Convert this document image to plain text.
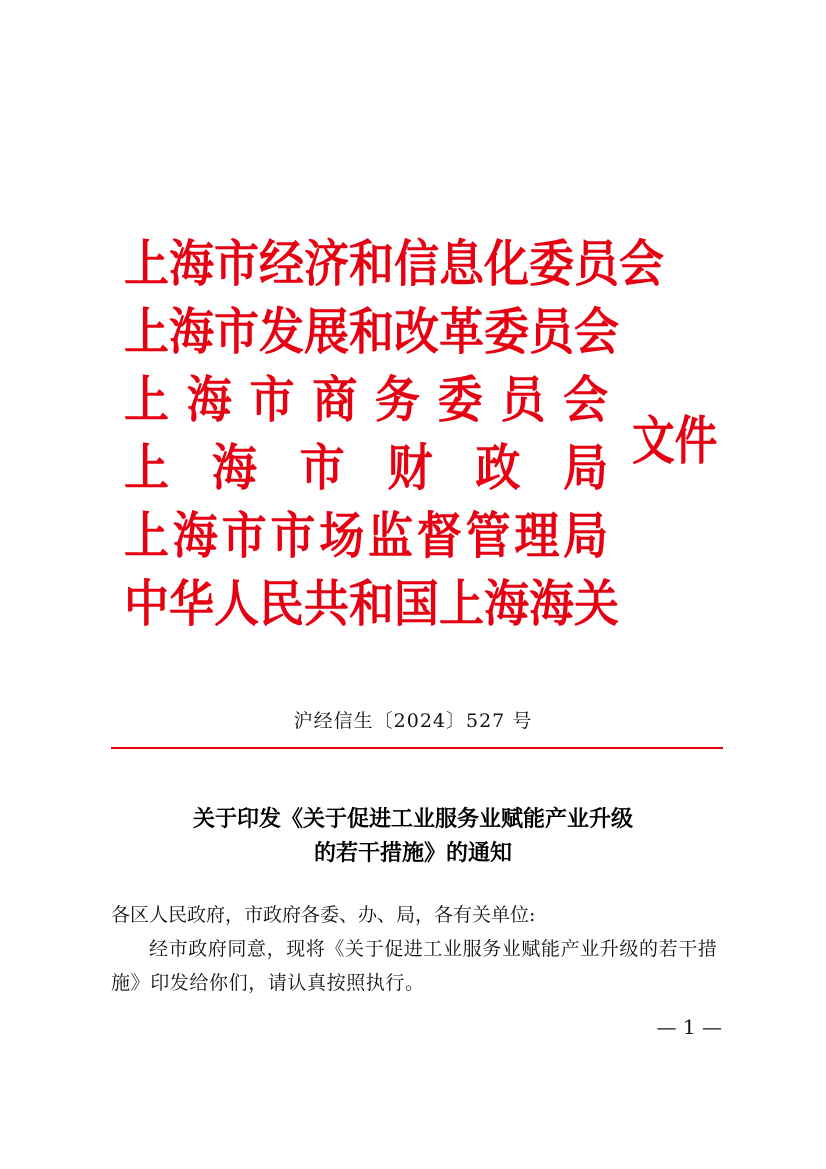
上 海 市 经 济 和 信 息 化 委 员 会
上 海 市 发 展 和 改 革 委 员 会
上 海 市 商 务 委 员 会
上 海 市 财 政 局
上 海 市 市 场 监 督 管 理 局
中 华 人 民 共 和 国 上 海 海 关
文件
沪经信生〔2024〕527 号
关于印发《关于促进工业服务业赋能产业升级
的若干措施》的通知
各区人民政府，市政府各委、办、局，各有关单位:
经市政府同意，现将《关于促进工业服务业赋能产业升级的若干措施》印发给你们，请认真按照执行。
— 1 —
